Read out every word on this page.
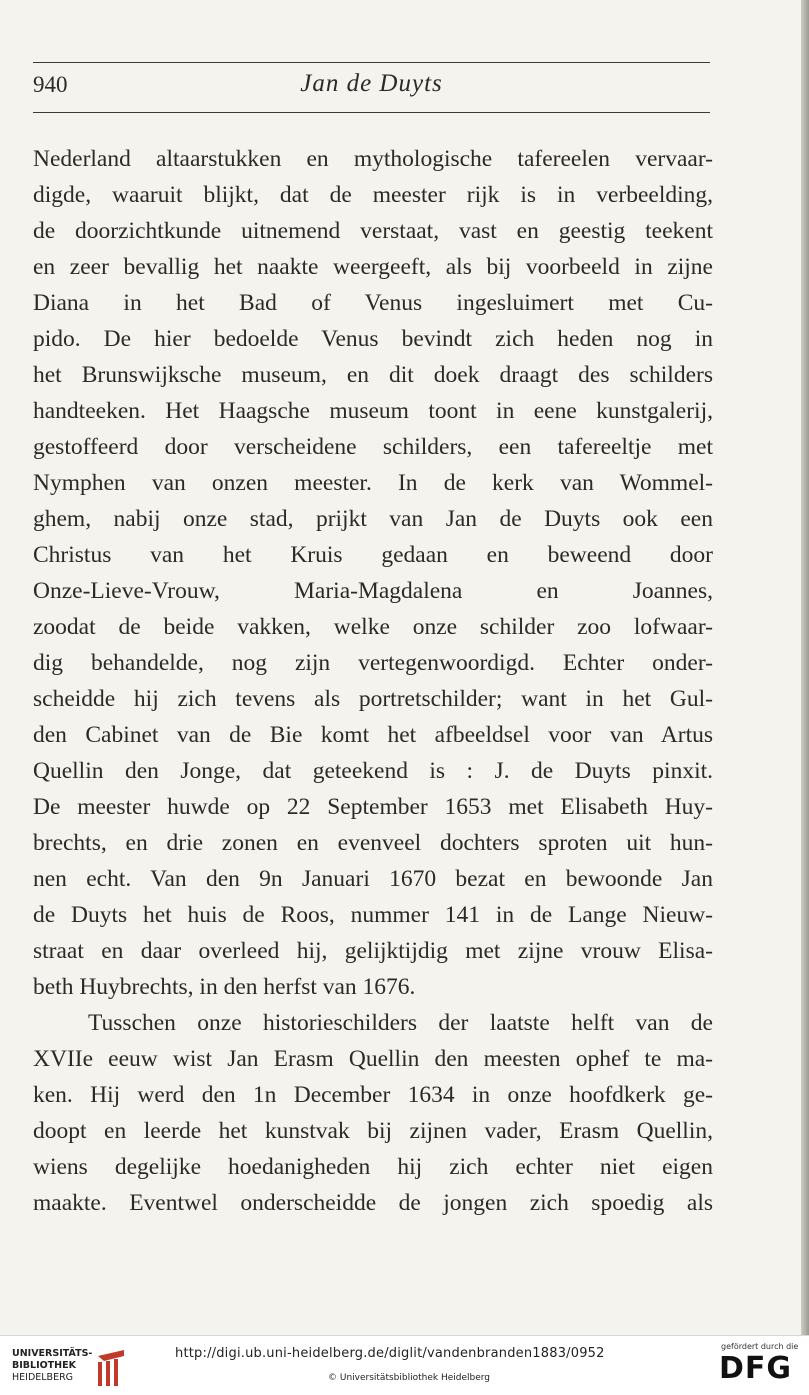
940	Jan de Duyts
Nederland altaarstukken en mythologische tafereelen vervaar-
digde, waaruit blijkt, dat de meester rijk is in verbeelding,
de doorzichtkunde uitnemend verstaat, vast en geestig teekent
en zeer bevallig het naakte weergeeft, als bij voorbeeld in zijne
Diana in het Bad of Venus ingesluimert met Cu-
pido. De hier bedoelde Venus bevindt zich heden nog in
het Brunswijksche museum, en dit doek draagt des schilders
handteeken. Het Haagsche museum toont in eene kunstgalerij,
gestoffeerd door verscheidene schilders, een tafereeltje met
Nymphen van onzen meester. In de kerk van Wommel-
ghem, nabij onze stad, prijkt van Jan de Duyts ook een
Christus van het Kruis gedaan en beweend door
Onze-Lieve-Vrouw, Maria-Magdalena en Joannes,
zoodat de beide vakken, welke onze schilder zoo lofwaar-
dig behandelde, nog zijn vertegenwoordigd. Echter onder-
scheidde hij zich tevens als portretschilder; want in het Gul-
den Cabinet van de Bie komt het afbeeldsel voor van Artus
Quellin den Jonge, dat geteekend is : J. de Duyts pinxit.
De meester huwde op 22 September 1653 met Elisabeth Huy-
brechts, en drie zonen en evenveel dochters sproten uit hun-
nen echt. Van den 9n Januari 1670 bezat en bewoonde Jan
de Duyts het huis de Roos, nummer 141 in de Lange Nieuw-
straat en daar overleed hij, gelijktijdig met zijne vrouw Elisa-
beth Huybrechts, in den herfst van 1676.
Tusschen onze historieschilders der laatste helft van de
XVIIe eeuw wist Jan Erasm Quellin den meesten ophef te ma-
ken. Hij werd den 1n December 1634 in onze hoofdkerk ge-
doopt en leerde het kunstvak bij zijnen vader, Erasm Quellin,
wiens degelijke hoedanigheden hij zich echter niet eigen
maakte. Eventwel onderscheidde de jongen zich spoedig als
UNIVERSITÄTS-
BIBLIOTHEK
HEIDELBERG
http://digi.ub.uni-heidelberg.de/diglit/vandenbranden1883/0952
© Universitätsbibliothek Heidelberg
gefördert durch die
DFG
